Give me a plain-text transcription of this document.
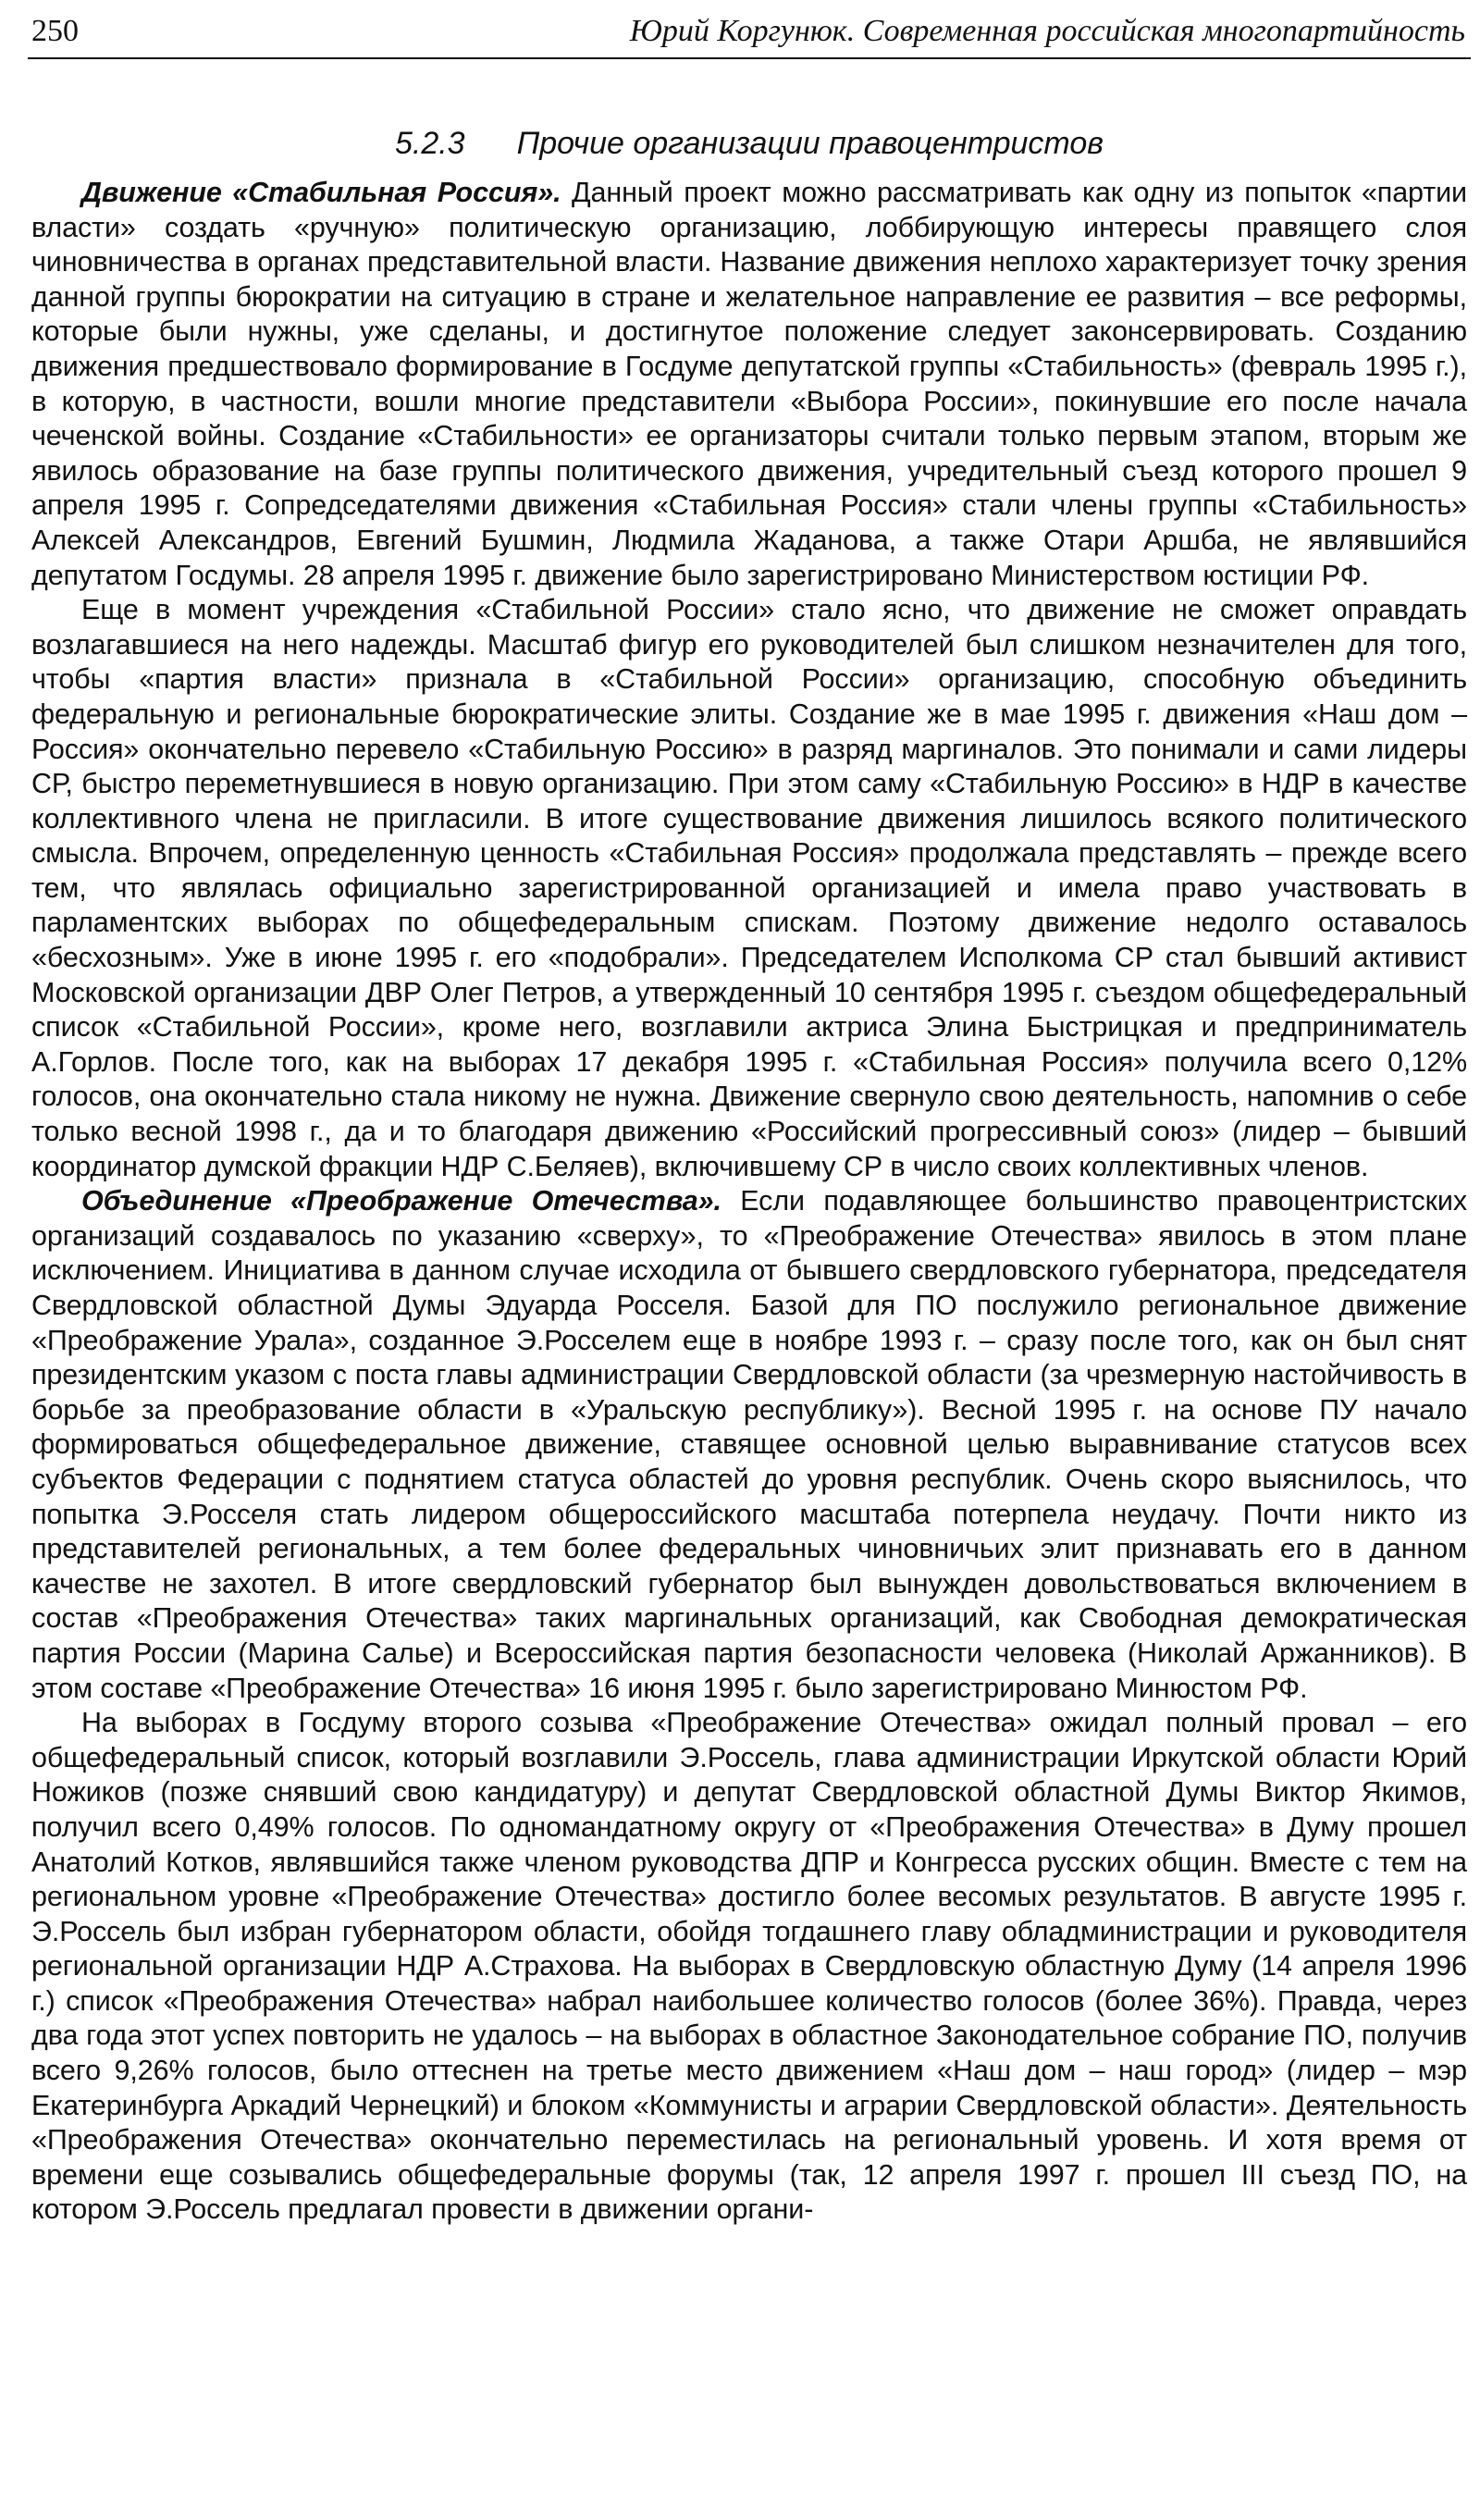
250	Юрий Коргунюк. Современная российская многопартийность
5.2.3 Прочие организации правоцентристов

Движение «Стабильная Россия». Данный проект можно рассматривать как одну из попыток «партии власти» создать «ручную» политическую организацию, лоббирующую интересы правящего слоя чиновничества в органах представительной власти. Название движения неплохо характеризует точку зрения данной группы бюрократии на ситуацию в стране и желательное направление ее развития – все реформы, которые были нужны, уже сделаны, и достигнутое положение следует законсервировать. Созданию движения предшествовало формирование в Госдуме депутатской группы «Стабильность» (февраль 1995 г.), в которую, в частности, вошли многие представители «Выбора России», покинувшие его после начала чеченской войны. Создание «Стабильности» ее организаторы считали только первым этапом, вторым же явилось образование на базе группы политического движения, учредительный съезд которого прошел 9 апреля 1995 г. Сопредседателями движения «Стабильная Россия» стали члены группы «Стабильность» Алексей Александров, Евгений Бушмин, Людмила Жаданова, а также Отари Аршба, не являвшийся депутатом Госдумы. 28 апреля 1995 г. движение было зарегистрировано Министерством юстиции РФ.

Еще в момент учреждения «Стабильной России» стало ясно, что движение не сможет оправдать возлагавшиеся на него надежды. Масштаб фигур его руководителей был слишком незначителен для того, чтобы «партия власти» признала в «Стабильной России» организацию, способную объединить федеральную и региональные бюрократические элиты. Создание же в мае 1995 г. движения «Наш дом – Россия» окончательно перевело «Стабильную Россию» в разряд маргиналов. Это понимали и сами лидеры СР, быстро переметнувшиеся в новую организацию. При этом саму «Стабильную Россию» в НДР в качестве коллективного члена не пригласили. В итоге существование движения лишилось всякого политического смысла. Впрочем, определенную ценность «Стабильная Россия» продолжала представлять – прежде всего тем, что являлась официально зарегистрированной организацией и имела право участвовать в парламентских выборах по общефедеральным спискам. Поэтому движение недолго оставалось «бесхозным». Уже в июне 1995 г. его «подобрали». Председателем Исполкома СР стал бывший активист Московской организации ДВР Олег Петров, а утвержденный 10 сентября 1995 г. съездом общефедеральный список «Стабильной России», кроме него, возглавили актриса Элина Быстрицкая и предприниматель А.Горлов. После того, как на выборах 17 декабря 1995 г. «Стабильная Россия» получила всего 0,12% голосов, она окончательно стала никому не нужна. Движение свернуло свою деятельность, напомнив о себе только весной 1998 г., да и то благодаря движению «Российский прогрессивный союз» (лидер – бывший координатор думской фракции НДР С.Беляев), включившему СР в число своих коллективных членов.

Объединение «Преображение Отечества». Если подавляющее большинство правоцентристских организаций создавалось по указанию «сверху», то «Преображение Отечества» явилось в этом плане исключением. Инициатива в данном случае исходила от бывшего свердловского губернатора, председателя Свердловской областной Думы Эдуарда Росселя. Базой для ПО послужило региональное движение «Преображение Урала», созданное Э.Росселем еще в ноябре 1993 г. – сразу после того, как он был снят президентским указом с поста главы администрации Свердловской области (за чрезмерную настойчивость в борьбе за преобразование области в «Уральскую республику»). Весной 1995 г. на основе ПУ начало формироваться общефедеральное движение, ставящее основной целью выравнивание статусов всех субъектов Федерации с поднятием статуса областей до уровня республик. Очень скоро выяснилось, что попытка Э.Росселя стать лидером общероссийского масштаба потерпела неудачу. Почти никто из представителей региональных, а тем более федеральных чиновничьих элит признавать его в данном качестве не захотел. В итоге свердловский губернатор был вынужден довольствоваться включением в состав «Преображения Отечества» таких маргинальных организаций, как Свободная демократическая партия России (Марина Салье) и Всероссийская партия безопасности человека (Николай Аржанников). В этом составе «Преображение Отечества» 16 июня 1995 г. было зарегистрировано Минюстом РФ.

На выборах в Госдуму второго созыва «Преображение Отечества» ожидал полный провал – его общефедеральный список, который возглавили Э.Россель, глава администрации Иркутской области Юрий Ножиков (позже снявший свою кандидатуру) и депутат Свердловской областной Думы Виктор Якимов, получил всего 0,49% голосов. По одномандатному округу от «Преображения Отечества» в Думу прошел Анатолий Котков, являвшийся также членом руководства ДПР и Конгресса русских общин. Вместе с тем на региональном уровне «Преображение Отечества» достигло более весомых результатов. В августе 1995 г. Э.Россель был избран губернатором области, обойдя тогдашнего главу обладминистрации и руководителя региональной организации НДР А.Страхова. На выборах в Свердловскую областную Думу (14 апреля 1996 г.) список «Преображения Отечества» набрал наибольшее количество голосов (более 36%). Правда, через два года этот успех повторить не удалось – на выборах в областное Законодательное собрание ПО, получив всего 9,26% голосов, было оттеснен на третье место движением «Наш дом – наш город» (лидер – мэр Екатеринбурга Аркадий Чернецкий) и блоком «Коммунисты и аграрии Свердловской области». Деятельность «Преображения Отечества» окончательно переместилась на региональный уровень. И хотя время от времени еще созывались общефедеральные форумы (так, 12 апреля 1997 г. прошел III съезд ПО, на котором Э.Россель предлагал провести в движении органи-
